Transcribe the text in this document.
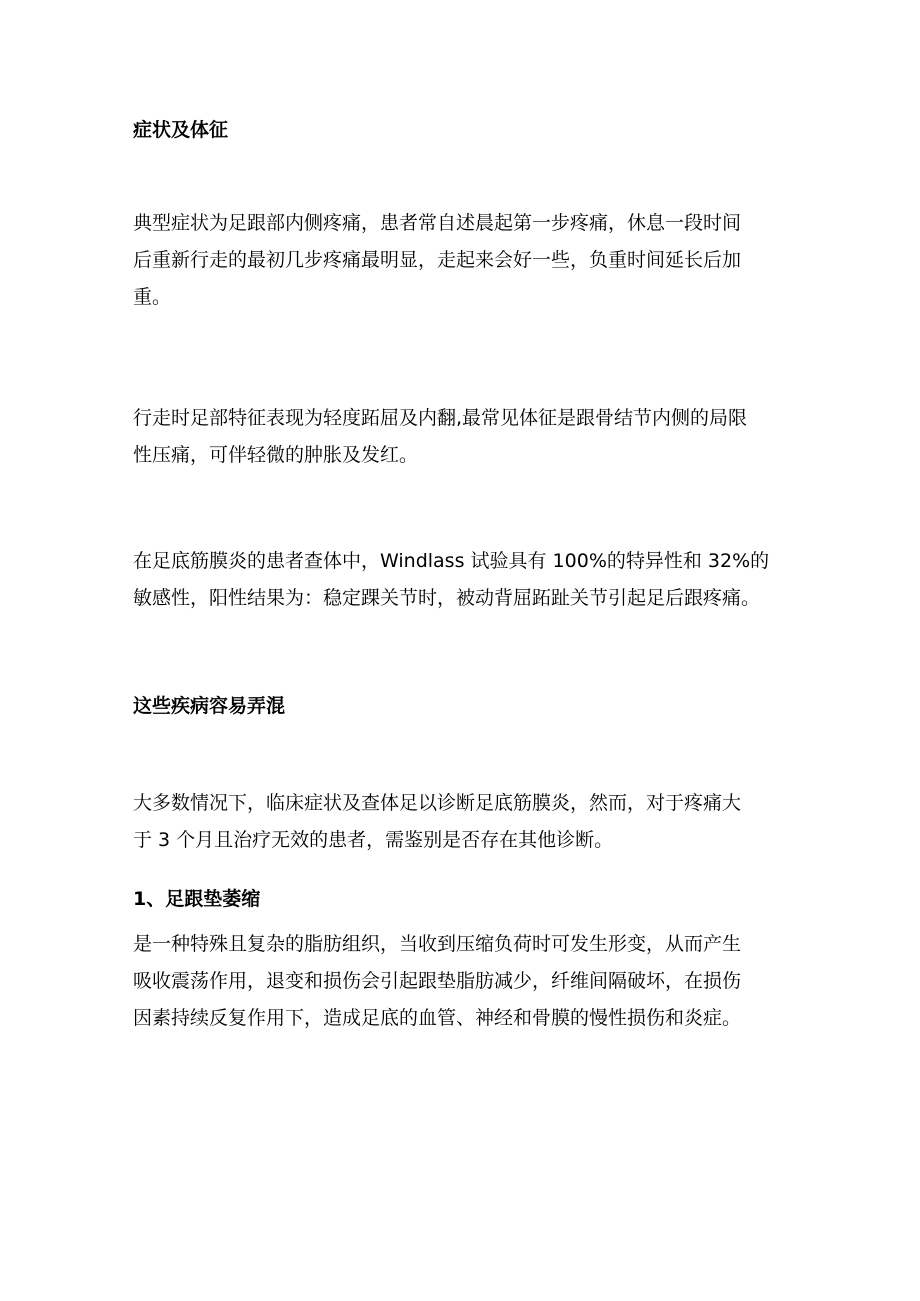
症状及体征
典型症状为足跟部内侧疼痛，患者常自述晨起第一步疼痛，休息一段时间
后重新行走的最初几步疼痛最明显，走起来会好一些，负重时间延长后加
重。
行走时足部特征表现为轻度跖屈及内翻,最常见体征是跟骨结节内侧的局限
性压痛，可伴轻微的肿胀及发红。
在足底筋膜炎的患者查体中，Windlass 试验具有 100%的特异性和 32%的
敏感性，阳性结果为：稳定踝关节时，被动背屈跖趾关节引起足后跟疼痛。
这些疾病容易弄混
大多数情况下，临床症状及查体足以诊断足底筋膜炎，然而，对于疼痛大
于 3 个月且治疗无效的患者，需鉴别是否存在其他诊断。
1、足跟垫萎缩
是一种特殊且复杂的脂肪组织，当收到压缩负荷时可发生形变，从而产生
吸收震荡作用，退变和损伤会引起跟垫脂肪减少，纤维间隔破坏，在损伤
因素持续反复作用下，造成足底的血管、神经和骨膜的慢性损伤和炎症。
